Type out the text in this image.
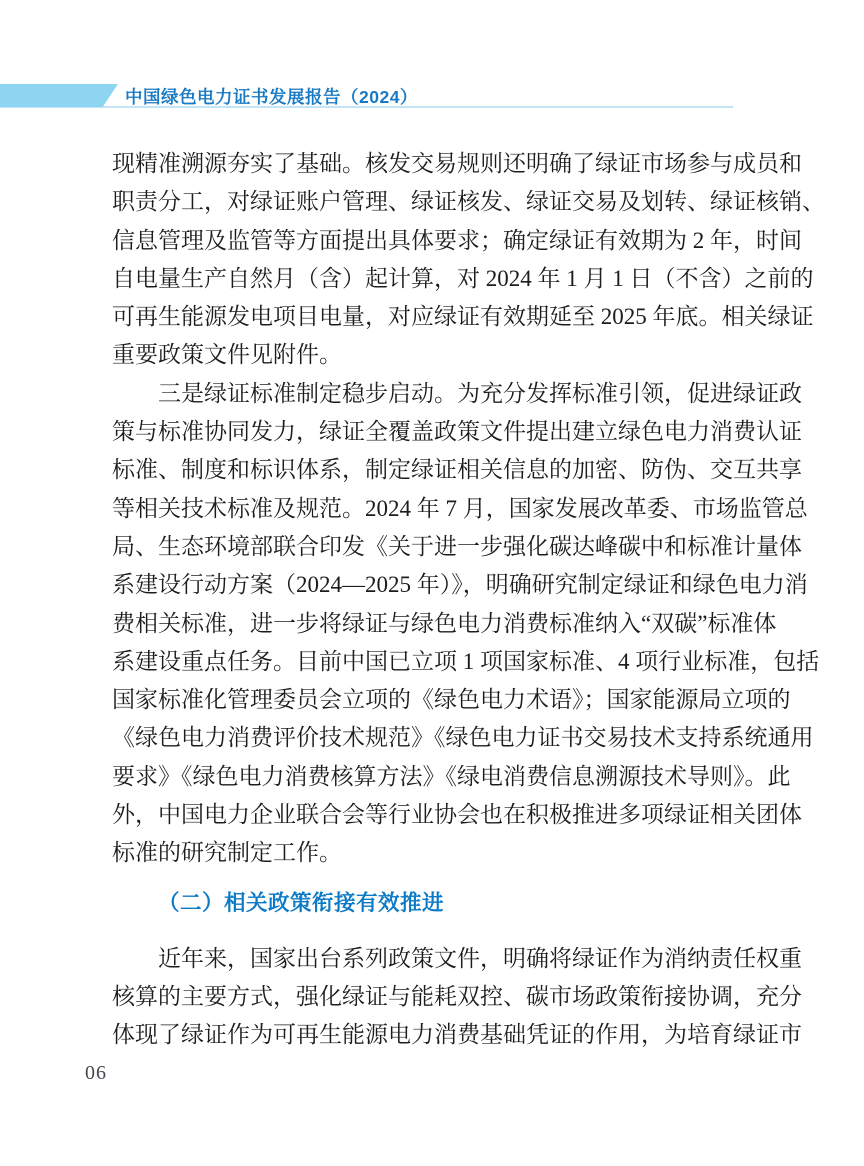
中国绿色电力证书发展报告（2024）
现精准溯源夯实了基础。核发交易规则还明确了绿证市场参与成员和
职责分工，对绿证账户管理、绿证核发、绿证交易及划转、绿证核销、
信息管理及监管等方面提出具体要求；确定绿证有效期为 2 年，时间
自电量生产自然月（含）起计算，对 2024 年 1 月 1 日（不含）之前的
可再生能源发电项目电量，对应绿证有效期延至 2025 年底。相关绿证
重要政策文件见附件。
三是绿证标准制定稳步启动。为充分发挥标准引领，促进绿证政
策与标准协同发力，绿证全覆盖政策文件提出建立绿色电力消费认证
标准、制度和标识体系，制定绿证相关信息的加密、防伪、交互共享
等相关技术标准及规范。2024 年 7 月，国家发展改革委、市场监管总
局、生态环境部联合印发《关于进一步强化碳达峰碳中和标准计量体
系建设行动方案（2024—2025 年）》，明确研究制定绿证和绿色电力消
费相关标准，进一步将绿证与绿色电力消费标准纳入“双碳”标准体
系建设重点任务。目前中国已立项 1 项国家标准、4 项行业标准，包括
国家标准化管理委员会立项的《绿色电力术语》；国家能源局立项的
《绿色电力消费评价技术规范》《绿色电力证书交易技术支持系统通用
要求》《绿色电力消费核算方法》《绿电消费信息溯源技术导则》。此
外，中国电力企业联合会等行业协会也在积极推进多项绿证相关团体
标准的研究制定工作。
（二）相关政策衔接有效推进
近年来，国家出台系列政策文件，明确将绿证作为消纳责任权重
核算的主要方式，强化绿证与能耗双控、碳市场政策衔接协调，充分
体现了绿证作为可再生能源电力消费基础凭证的作用，为培育绿证市
06
